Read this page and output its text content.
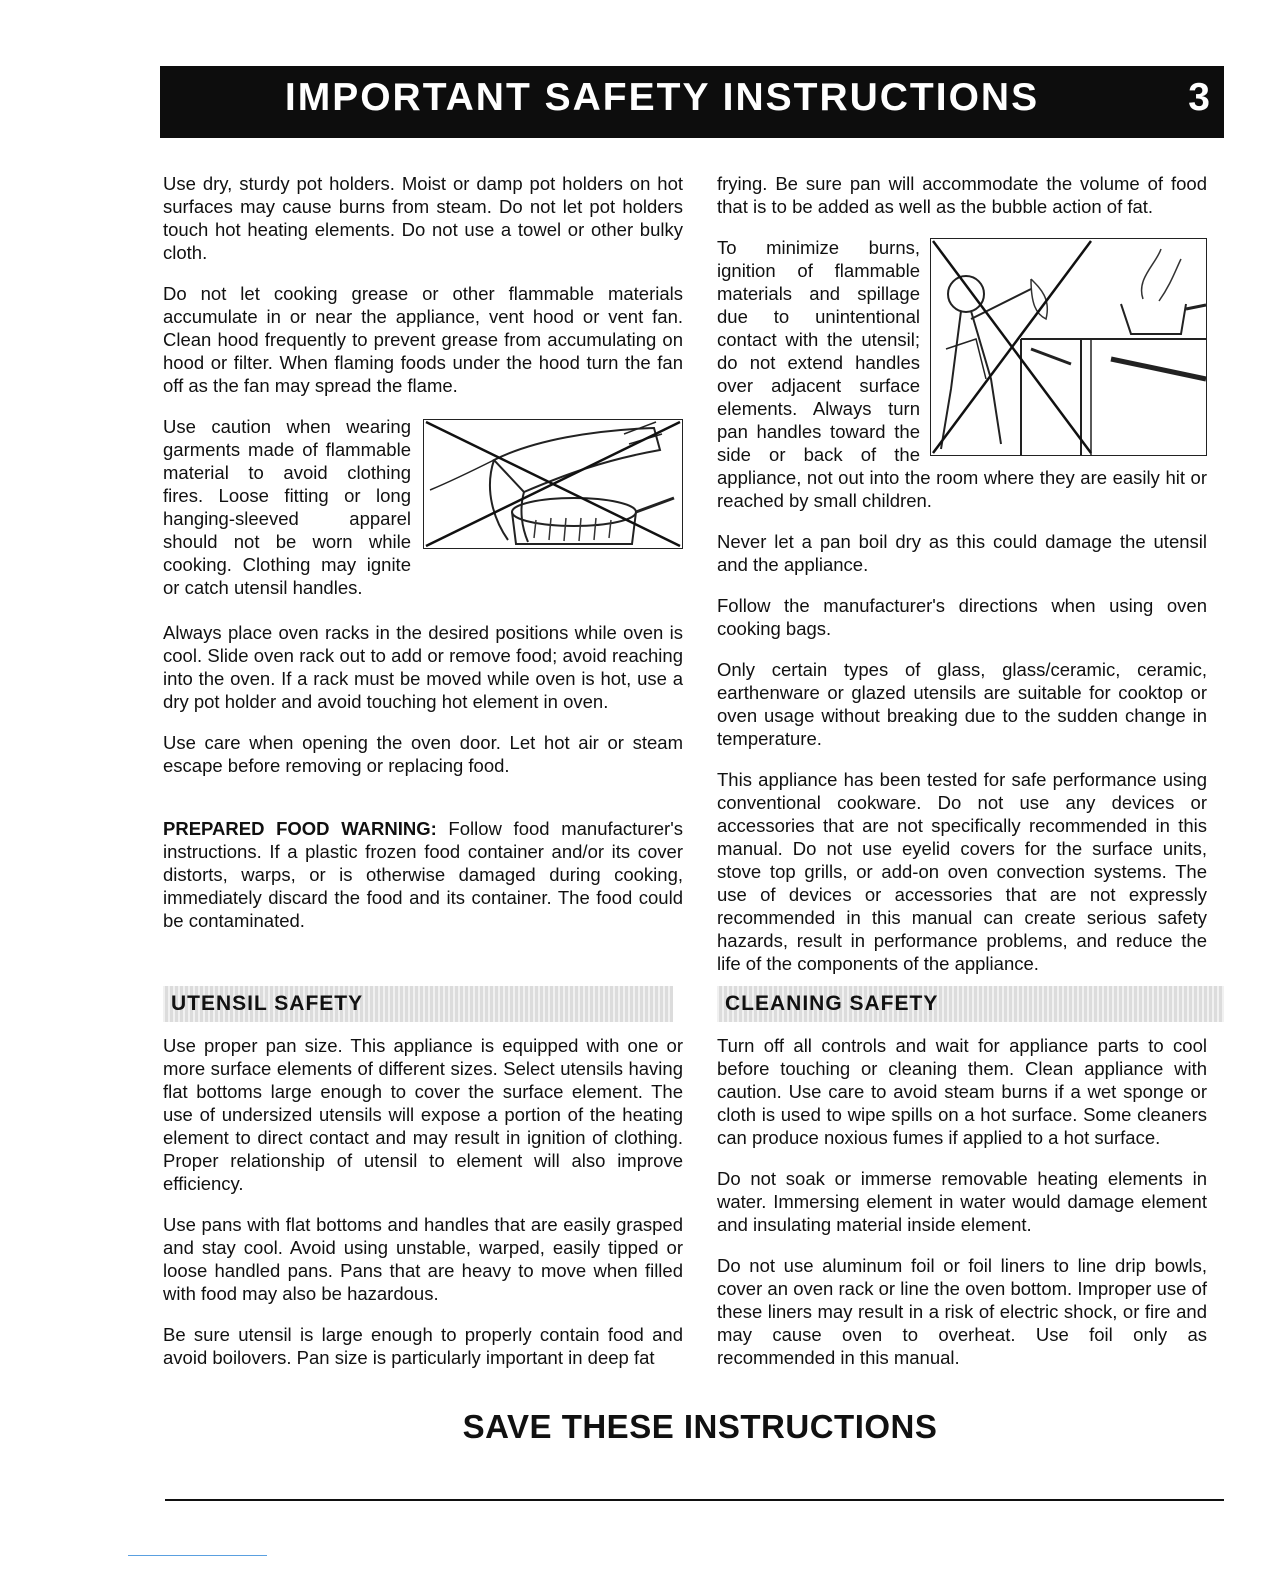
IMPORTANT SAFETY INSTRUCTIONS	3

Use dry, sturdy pot holders. Moist or damp pot holders on hot surfaces may cause burns from steam. Do not let pot holders touch hot heating elements. Do not use a towel or other bulky cloth.

Do not let cooking grease or other flammable materials accumulate in or near the appliance, vent hood or vent fan. Clean hood frequently to prevent grease from accumulating on hood or filter. When flaming foods under the hood turn the fan off as the fan may spread the flame.

Use caution when wearing garments made of flammable material to avoid clothing fires. Loose fitting or long hanging-sleeved apparel should not be worn while cooking. Clothing may ignite or catch utensil handles.

Always place oven racks in the desired positions while oven is cool. Slide oven rack out to add or remove food; avoid reaching into the oven. If a rack must be moved while oven is hot, use a dry pot holder and avoid touching hot element in oven.

Use care when opening the oven door. Let hot air or steam escape before removing or replacing food.

PREPARED FOOD WARNING: Follow food manufacturer's instructions. If a plastic frozen food container and/or its cover distorts, warps, or is otherwise damaged during cooking, immediately discard the food and its container. The food could be contaminated.

UTENSIL SAFETY

Use proper pan size. This appliance is equipped with one or more surface elements of different sizes. Select utensils having flat bottoms large enough to cover the surface element. The use of undersized utensils will expose a portion of the heating element to direct contact and may result in ignition of clothing. Proper relationship of utensil to element will also improve efficiency.

Use pans with flat bottoms and handles that are easily grasped and stay cool. Avoid using unstable, warped, easily tipped or loose handled pans. Pans that are heavy to move when filled with food may also be hazardous.

Be sure utensil is large enough to properly contain food and avoid boilovers. Pan size is particularly important in deep fat

frying. Be sure pan will accommodate the volume of food that is to be added as well as the bubble action of fat.

To minimize burns, ignition of flammable materials and spillage due to unintentional contact with the utensil; do not extend handles over adjacent surface elements. Always turn pan handles toward the side or back of the appliance, not out into the room where they are easily hit or reached by small children.

Never let a pan boil dry as this could damage the utensil and the appliance.

Follow the manufacturer's directions when using oven cooking bags.

Only certain types of glass, glass/ceramic, ceramic, earthenware or glazed utensils are suitable for cooktop or oven usage without breaking due to the sudden change in temperature.

This appliance has been tested for safe performance using conventional cookware. Do not use any devices or accessories that are not specifically recommended in this manual. Do not use eyelid covers for the surface units, stove top grills, or add-on oven convection systems. The use of devices or accessories that are not expressly recommended in this manual can create serious safety hazards, result in performance problems, and reduce the life of the components of the appliance.

CLEANING SAFETY

Turn off all controls and wait for appliance parts to cool before touching or cleaning them. Clean appliance with caution. Use care to avoid steam burns if a wet sponge or cloth is used to wipe spills on a hot surface. Some cleaners can produce noxious fumes if applied to a hot surface.

Do not soak or immerse removable heating elements in water. Immersing element in water would damage element and insulating material inside element.

Do not use aluminum foil or foil liners to line drip bowls, cover an oven rack or line the oven bottom. Improper use of these liners may result in a risk of electric shock, or fire and may cause oven to overheat. Use foil only as recommended in this manual.

SAVE THESE INSTRUCTIONS
